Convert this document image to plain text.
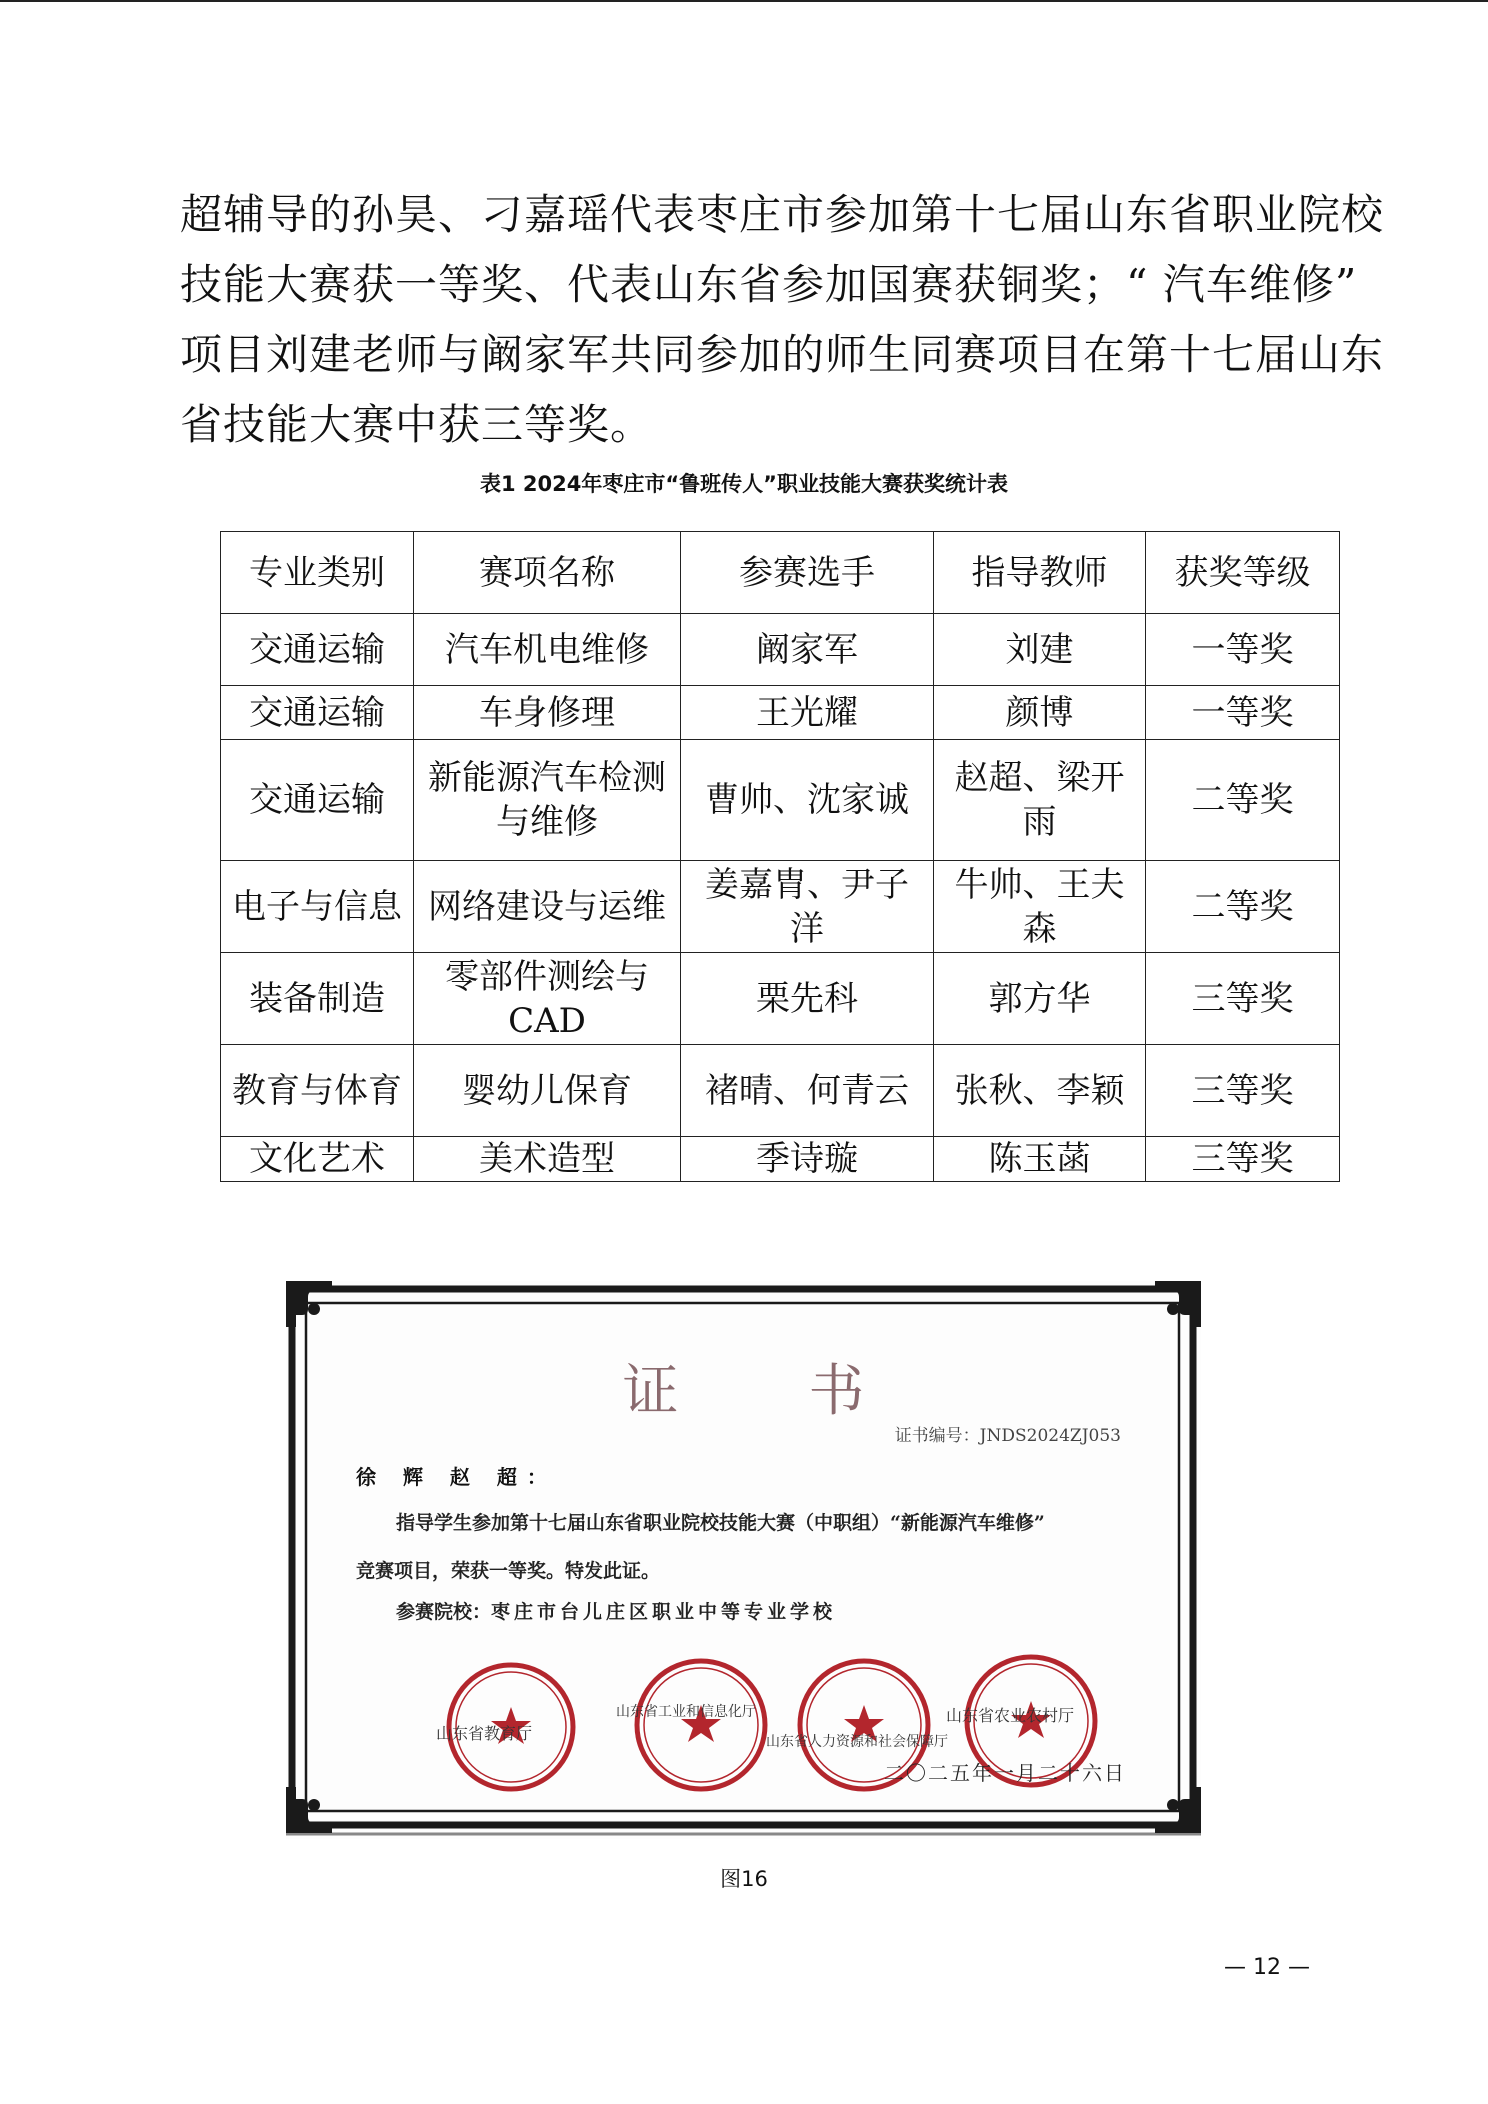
超辅导的孙昊、刁嘉瑶代表枣庄市参加第十七届山东省职业院校
技能大赛获一等奖、代表山东省参加国赛获铜奖；“ 汽车维修”
项目刘建老师与阚家军共同参加的师生同赛项目在第十七届山东
省技能大赛中获三等奖。
表1 2024年枣庄市“鲁班传人”职业技能大赛获奖统计表
专业类别	赛项名称	参赛选手	指导教师	获奖等级
交通运输	汽车机电维修	阚家军	刘建	一等奖
交通运输	车身修理	王光耀	颜博	一等奖
交通运输	新能源汽车检测与维修	曹帅、沈家诚	赵超、梁开雨	二等奖
电子与信息	网络建设与运维	姜嘉胄、尹子洋	牛帅、王夫森	二等奖
装备制造	零部件测绘与CAD	栗先科	郭方华	三等奖
教育与体育	婴幼儿保育	褚晴、何青云	张秋、李颖	三等奖
文化艺术	美术造型	季诗璇	陈玉菡	三等奖
证书
证书编号：JNDS2024ZJ053
徐 辉 赵 超：
指导学生参加第十七届山东省职业院校技能大赛（中职组）“新能源汽车维修”
竞赛项目，荣获一等奖。特发此证。
参赛院校：枣庄市台儿庄区职业中等专业学校
山东省教育厅
山东省工业和信息化厅
山东省人力资源和社会保障厅
山东省农业农村厅
二〇二五年一月二十六日
图16
— 12 —
